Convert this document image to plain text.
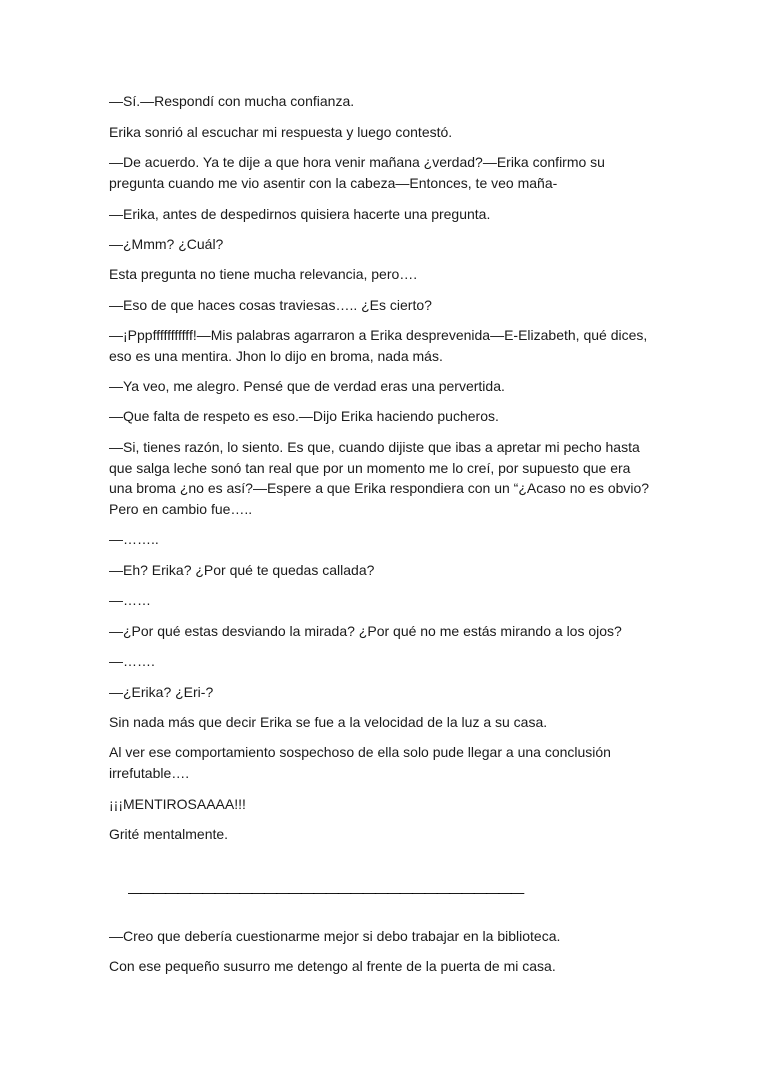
—Sí.—Respondí con mucha confianza.
Erika sonrió al escuchar mi respuesta y luego contestó.
—De acuerdo. Ya te dije a que hora venir mañana ¿verdad?—Erika confirmo su
pregunta cuando me vio asentir con la cabeza—Entonces, te veo maña-
—Erika, antes de despedirnos quisiera hacerte una pregunta.
—¿Mmm? ¿Cuál?
Esta pregunta no tiene mucha relevancia, pero….
—Eso de que haces cosas traviesas….. ¿Es cierto?
—¡Pppfffffffffff!—Mis palabras agarraron a Erika desprevenida—E-Elizabeth, qué dices,
eso es una mentira. Jhon lo dijo en broma, nada más.
—Ya veo, me alegro. Pensé que de verdad eras una pervertida.
—Que falta de respeto es eso.—Dijo Erika haciendo pucheros.
—Si, tienes razón, lo siento. Es que, cuando dijiste que ibas a apretar mi pecho hasta
que salga leche sonó tan real que por un momento me lo creí, por supuesto que era
una broma ¿no es así?—Espere a que Erika respondiera con un “¿Acaso no es obvio?
Pero en cambio fue…..
—……..
—Eh? Erika? ¿Por qué te quedas callada?
—……
—¿Por qué estas desviando la mirada? ¿Por qué no me estás mirando a los ojos?
—…….
—¿Erika? ¿Eri-?
Sin nada más que decir Erika se fue a la velocidad de la luz a su casa.
Al ver ese comportamiento sospechoso de ella solo pude llegar a una conclusión
irrefutable….
¡¡¡MENTIROSAAAA!!!
Grité mentalmente.
________________________________
—Creo que debería cuestionarme mejor si debo trabajar en la biblioteca.
Con ese pequeño susurro me detengo al frente de la puerta de mi casa.
